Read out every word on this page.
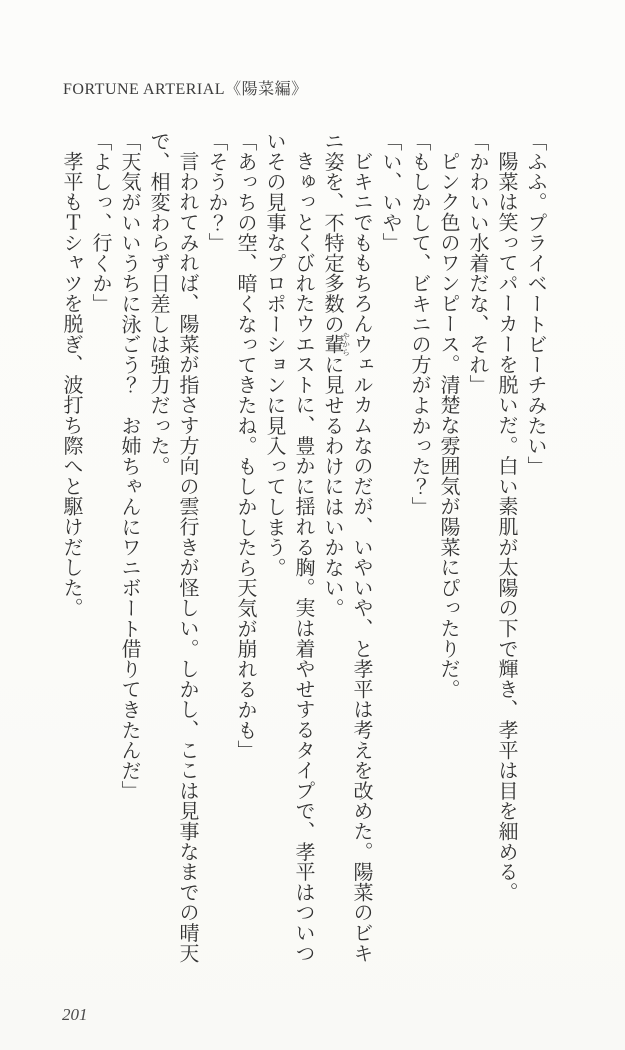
FORTUNE ARTERIAL《陽菜編》

「ふふ。プライベートビーチみたい」

陽菜は笑ってパーカーを脱いだ。白い素肌が太陽の下で輝き、孝平は目を細める。

「かわいい水着だな、それ」

ピンク色のワンピース。清楚な雰囲気が陽菜にぴったりだ。

「もしかして、ビキニの方がよかった？」

「い、いや」

ビキニでももちろんウェルカムなのだが、いやいや、と孝平は考えを改めた。陽菜のビキニ姿を、不特定多数の輩やからに見せるわけにはいかない。

きゅっとくびれたウエストに、豊かに揺れる胸。実は着やせするタイプで、孝平はついついその見事なプロポーションに見入ってしまう。

「あっちの空、暗くなってきたね。もしかしたら天気が崩れるかも」

「そうか？」

言われてみれば、陽菜が指さす方向の雲行きが怪しい。しかし、ここは見事なまでの晴天で、相変わらず日差しは強力だった。

「天気がいいうちに泳ごう？　お姉ちゃんにワニボート借りてきたんだ」

「よしっ、行くか」

孝平もＴシャツを脱ぎ、波打ち際へと駆けだした。

201
